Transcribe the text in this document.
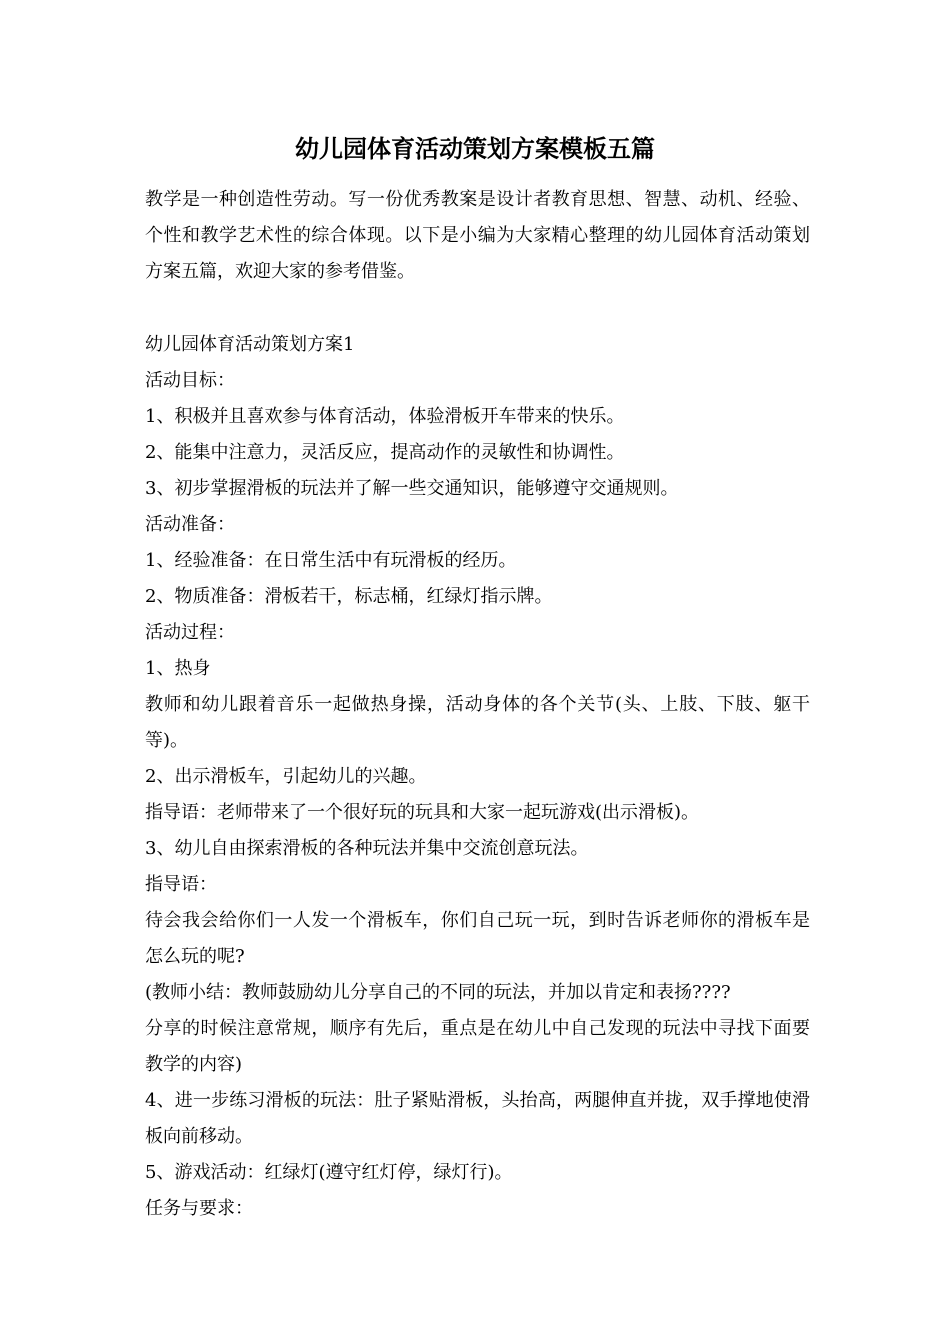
幼儿园体育活动策划方案模板五篇
教学是一种创造性劳动。写一份优秀教案是设计者教育思想、智慧、动机、经验、个性和教学艺术性的综合体现。以下是小编为大家精心整理的幼儿园体育活动策划方案五篇，欢迎大家的参考借鉴。

幼儿园体育活动策划方案1

活动目标：

1、积极并且喜欢参与体育活动，体验滑板开车带来的快乐。

2、能集中注意力，灵活反应，提高动作的灵敏性和协调性。

3、初步掌握滑板的玩法并了解一些交通知识，能够遵守交通规则。

活动准备：

1、经验准备：在日常生活中有玩滑板的经历。

2、物质准备：滑板若干，标志桶，红绿灯指示牌。

活动过程：

1、热身

教师和幼儿跟着音乐一起做热身操，活动身体的各个关节(头、上肢、下肢、躯干等)。

2、出示滑板车，引起幼儿的兴趣。

指导语：老师带来了一个很好玩的玩具和大家一起玩游戏(出示滑板)。

3、幼儿自由探索滑板的各种玩法并集中交流创意玩法。

指导语：

待会我会给你们一人发一个滑板车，你们自己玩一玩，到时告诉老师你的滑板车是怎么玩的呢?

(教师小结：教师鼓励幼儿分享自己的不同的玩法，并加以肯定和表扬????

分享的时候注意常规，顺序有先后，重点是在幼儿中自己发现的玩法中寻找下面要教学的内容)

4、进一步练习滑板的玩法：肚子紧贴滑板，头抬高，两腿伸直并拢，双手撑地使滑板向前移动。

5、游戏活动：红绿灯(遵守红灯停，绿灯行)。

任务与要求：
